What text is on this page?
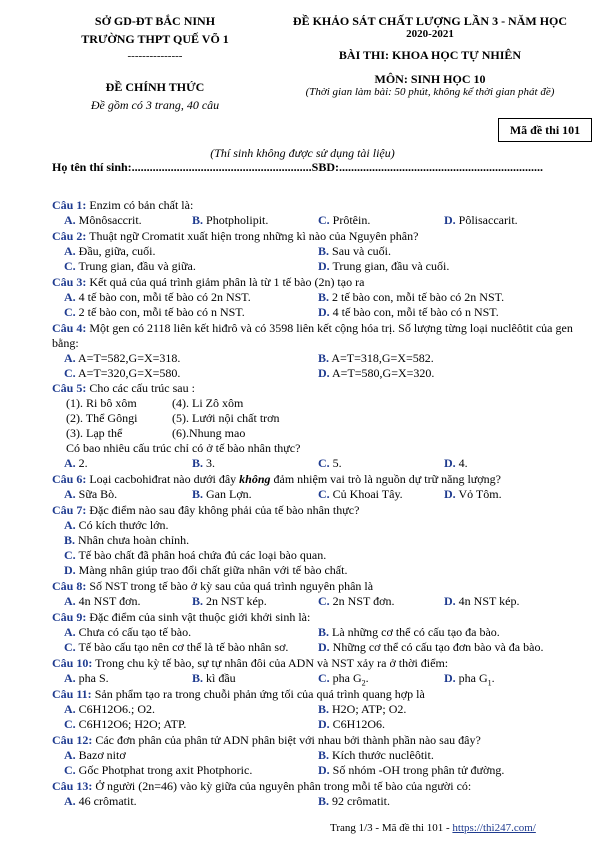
SỞ GD-ĐT BẮC NINH
TRƯỜNG THPT QUẾ VÕ 1
---------------
ĐỀ CHÍNH THỨC
Đề gồm có 3 trang, 40 câu
ĐỀ KHẢO SÁT CHẤT LƯỢNG LẦN 3 - NĂM HỌC
2020-2021
BÀI THI: KHOA HỌC TỰ NHIÊN
MÔN: SINH HỌC 10
(Thời gian làm bài: 50 phút, không kể thời gian phát đề)
Mã đề thi 101
(Thí sinh không được sử dụng tài liệu)
Họ tên thí sinh:............................................................SBD:....................................................................
Câu 1: Enzim có bản chất là:
A. Mônôsaccrit.	B. Photpholipit.	C. Prôtêin.	D. Pôlisaccarit.
Câu 2: Thuật ngữ Cromatit xuất hiện trong những kì nào của Nguyên phân?
A. Đầu, giữa, cuối.	B. Sau và cuối.
C. Trung gian, đầu và giữa.	D. Trung gian, đầu và cuối.
Câu 3: Kết quả của quá trình giảm phân là từ 1 tế bào (2n) tạo ra
A. 4 tế bào con, mỗi tế bào có 2n NST.	B. 2 tế bào con, mỗi tế bào có 2n NST.
C. 2 tế bào con, mỗi tế bào có n NST.	D. 4 tế bào con, mỗi tế bào có n NST.
Câu 4: Một gen có 2118 liên kết hiđrô và có 3598 liên kết cộng hóa trị. Số lượng từng loại nuclêôtit của gen bằng:
A. A=T=582,G=X=318.	B. A=T=318,G=X=582.
C. A=T=320,G=X=580.	D. A=T=580,G=X=320.
Câu 5: Cho các cấu trúc sau :
(1). Ri bô xôm	(4). Li Zô xôm
(2). Thể Gôngi	(5). Lưới nội chất trơn
(3). Lạp thể	(6).Nhung mao
Có bao nhiêu cấu trúc chỉ có ở tế bào nhân thực?
A. 2.	B. 3.	C. 5.	D. 4.
Câu 6: Loại cacbohiđrat nào dưới đây không đảm nhiệm vai trò là nguồn dự trữ năng lượng?
A. Sữa Bò.	B. Gan Lợn.	C. Củ Khoai Tây.	D. Vỏ Tôm.
Câu 7: Đặc điểm nào sau đây không phải của tế bào nhân thực?
A. Có kích thước lớn.
B. Nhân chưa hoàn chỉnh.
C. Tế bào chất đã phân hoá chứa đủ các loại bào quan.
D. Màng nhân giúp trao đổi chất giữa nhân với tế bào chất.
Câu 8: Số NST trong tế bào ở kỳ sau của quá trình nguyên phân là
A. 4n NST đơn.	B. 2n NST kép.	C. 2n NST đơn.	D. 4n NST kép.
Câu 9: Đặc điểm của sinh vật thuộc giới khởi sinh là:
A. Chưa có cấu tạo tế bào.	B. Là những cơ thể có cấu tạo đa bào.
C. Tế bào cấu tạo nên cơ thể là tế bào nhân sơ. D. Những cơ thể có cấu tạo đơn bào và đa bào.
Câu 10: Trong chu kỳ tế bào, sự tự nhân đôi của ADN và NST xảy ra ở thời điểm:
A. pha S.	B. kì đầu	C. pha $G_2$.	D. pha $G_1$.
Câu 11: Sản phẩm tạo ra trong chuỗi phản ứng tối của quá trình quang hợp là
A. C6H12O6.; O2.	B. H2O; ATP; O2.
C. C6H12O6; H2O; ATP.	D. C6H12O6.
Câu 12: Các đơn phân của phân tử ADN phân biệt với nhau bởi thành phần nào sau đây?
A. Bazơ nitơ	B. Kích thước nuclêôtit.
C. Gốc Photphat trong axit Photphoric.	D. Số nhóm -OH trong phân tử đường.
Câu 13: Ở người (2n=46) vào kỳ giữa của nguyên phân trong mỗi tế bào của người có:
A. 46 crômatit.	B. 92 crômatit.
Trang 1/3 - Mã đề thi 101 - https://thi247.com/
